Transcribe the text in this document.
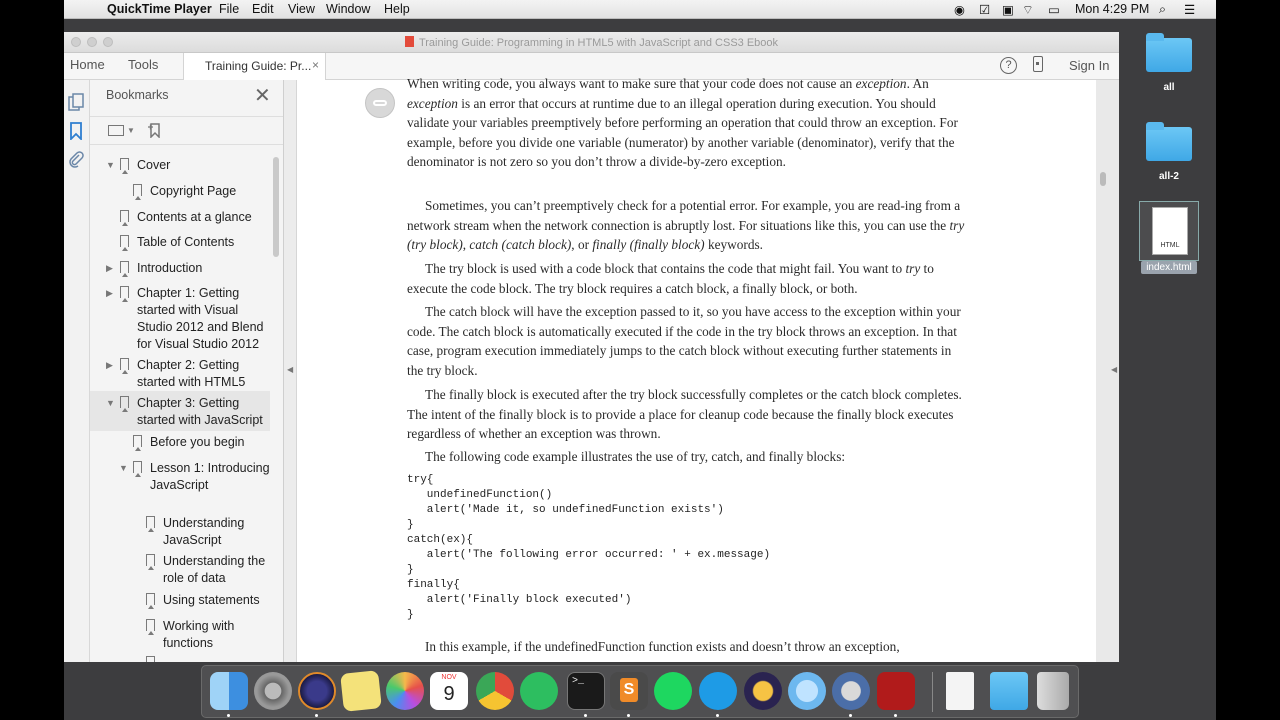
QuickTime Player File Edit View Window Help	◉ ☑ ▣ ⌔ ▭ Mon 4:29 PM ⌕ ☰
Training Guide: Programming in HTML5 with JavaScript and CSS3 Ebook
Home Tools	Training Guide: Pr... ×	?	Sign In
Bookmarks	✕
▼
▼ Cover
Copyright Page
Contents at a glance
Table of Contents
▶ Introduction
▶ Chapter 1: Getting started with Visual Studio 2012 and Blend for Visual Studio 2012
▶ Chapter 2: Getting started with HTML5
▼ Chapter 3: Getting started with JavaScript
Before you begin
▼ Lesson 1: Introducing JavaScript
Understanding JavaScript
Understanding the role of data
Using statements
Working with functions
◀

When writing code, you always want to make sure that your code does not cause an exception. An exception is an error that occurs at runtime due to an illegal operation during execution. You should validate your variables preemptively before performing an operation that could throw an exception. For example, before you divide one variable (numerator) by another variable (denominator), verify that the denominator is not zero so you don’t throw a divide-by-zero exception.

Sometimes, you can’t preemptively check for a potential error. For example, you are read-ing from a network stream when the network connection is abruptly lost. For situations like this, you can use the try (try block), catch (catch block), or finally (finally block) keywords.

The try block is used with a code block that contains the code that might fail. You want to try to execute the code block. The try block requires a catch block, a finally block, or both.

The catch block will have the exception passed to it, so you have access to the exception within your code. The catch block is automatically executed if the code in the try block throws an exception. In that case, program execution immediately jumps to the catch block without executing further statements in the try block.

The finally block is executed after the try block successfully completes or the catch block completes. The intent of the finally block is to provide a place for cleanup code because the finally block executes regardless of whether an exception was thrown.

The following code example illustrates the use of try, catch, and finally blocks:

try{
undefinedFunction()
alert('Made it, so undefinedFunction exists')
}
catch(ex){
alert('The following error occurred: ' + ex.message)
}
finally{
alert('Finally block executed')
}

In this example, if the undefinedFunction function exists and doesn’t throw an exception,

◀
all
all-2
HTML
index.html
NOV
9
>_ S
